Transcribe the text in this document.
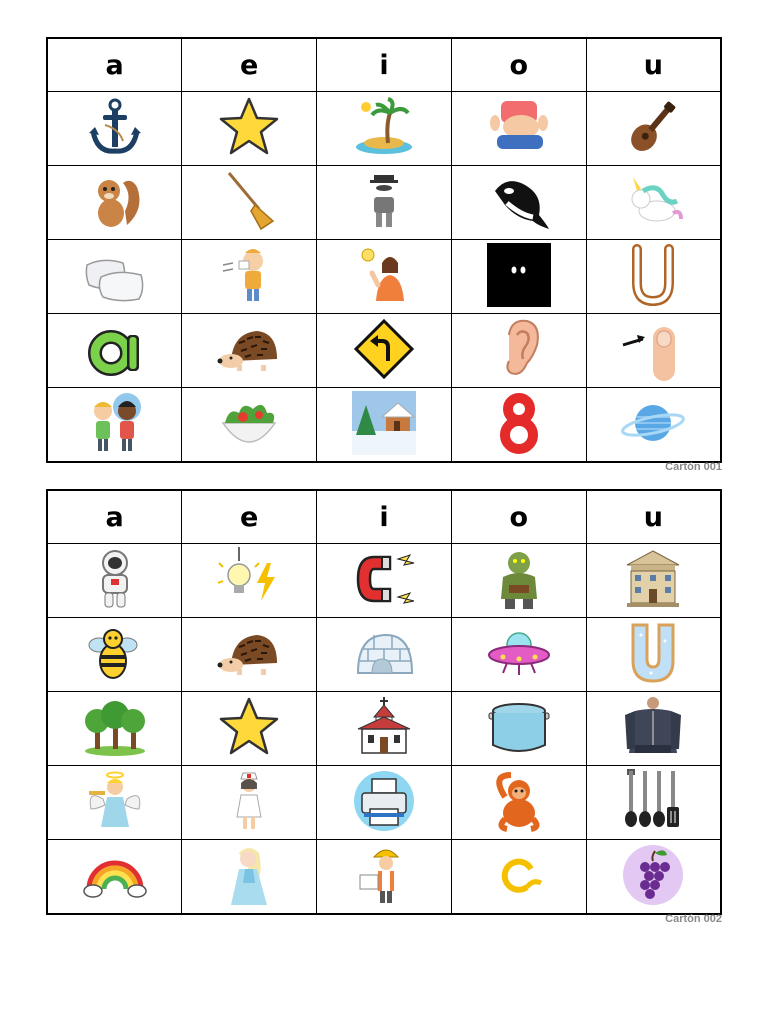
a	e	i	o	u

Cartón 001
a	e	i	o	u

Cartón 002
